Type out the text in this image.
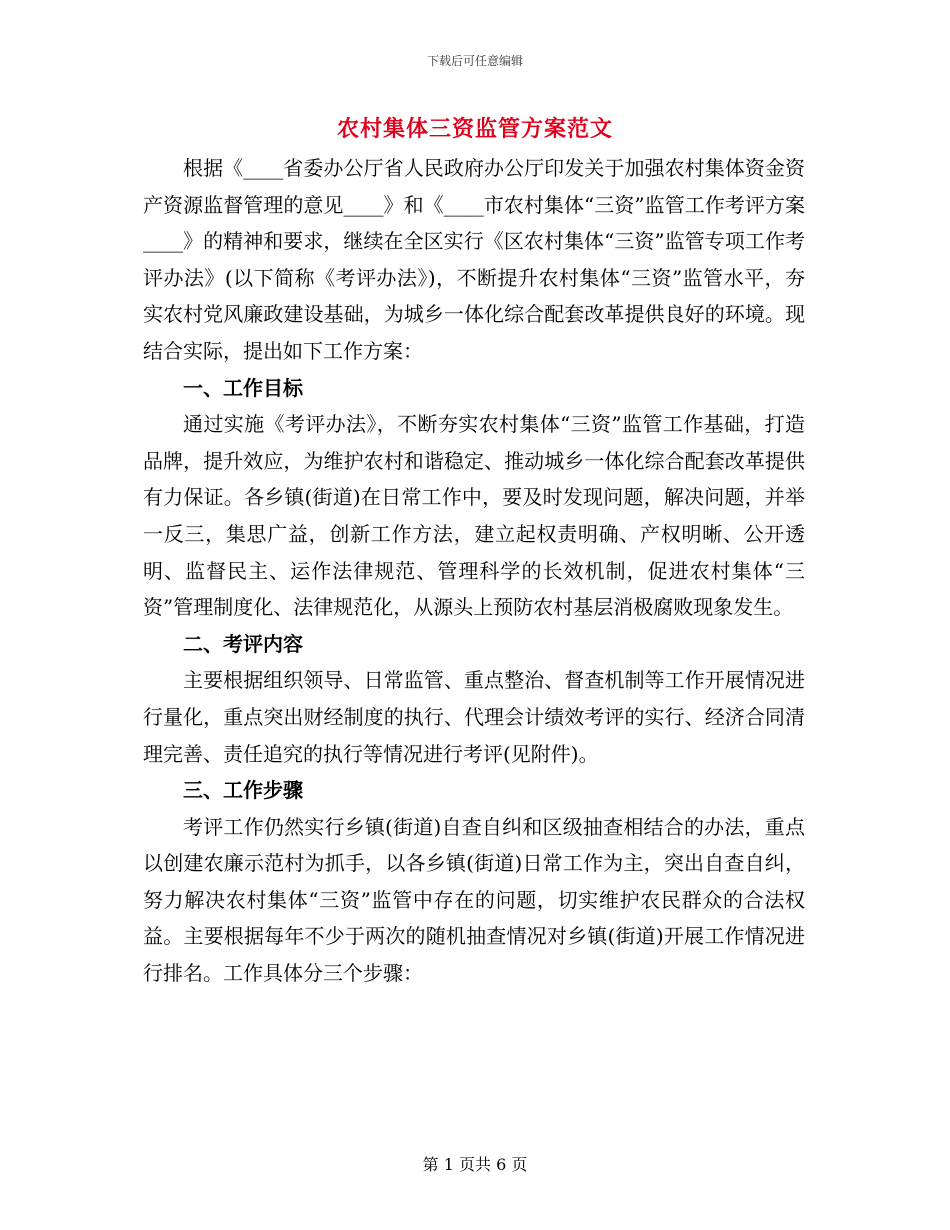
下载后可任意编辑
农村集体三资监管方案范文

根据《____省委办公厅省人民政府办公厅印发关于加强农村集体资金资产资源监督管理的意见____》和《____市农村集体“三资”监管工作考评方案____》的精神和要求，继续在全区实行《区农村集体“三资”监管专项工作考评办法》(以下简称《考评办法》)，不断提升农村集体“三资”监管水平，夯实农村党风廉政建设基础，为城乡一体化综合配套改革提供良好的环境。现结合实际，提出如下工作方案：

一、工作目标

通过实施《考评办法》，不断夯实农村集体“三资”监管工作基础，打造品牌，提升效应，为维护农村和谐稳定、推动城乡一体化综合配套改革提供有力保证。各乡镇(街道)在日常工作中，要及时发现问题，解决问题，并举一反三，集思广益，创新工作方法，建立起权责明确、产权明晰、公开透明、监督民主、运作法律规范、管理科学的长效机制，促进农村集体“三资”管理制度化、法律规范化，从源头上预防农村基层消极腐败现象发生。

二、考评内容

主要根据组织领导、日常监管、重点整治、督查机制等工作开展情况进行量化，重点突出财经制度的执行、代理会计绩效考评的实行、经济合同清理完善、责任追究的执行等情况进行考评(见附件)。

三、工作步骤

考评工作仍然实行乡镇(街道)自查自纠和区级抽查相结合的办法，重点以创建农廉示范村为抓手，以各乡镇(街道)日常工作为主，突出自查自纠，努力解决农村集体“三资”监管中存在的问题，切实维护农民群众的合法权益。主要根据每年不少于两次的随机抽查情况对乡镇(街道)开展工作情况进行排名。工作具体分三个步骤：

第 1 页共 6 页
